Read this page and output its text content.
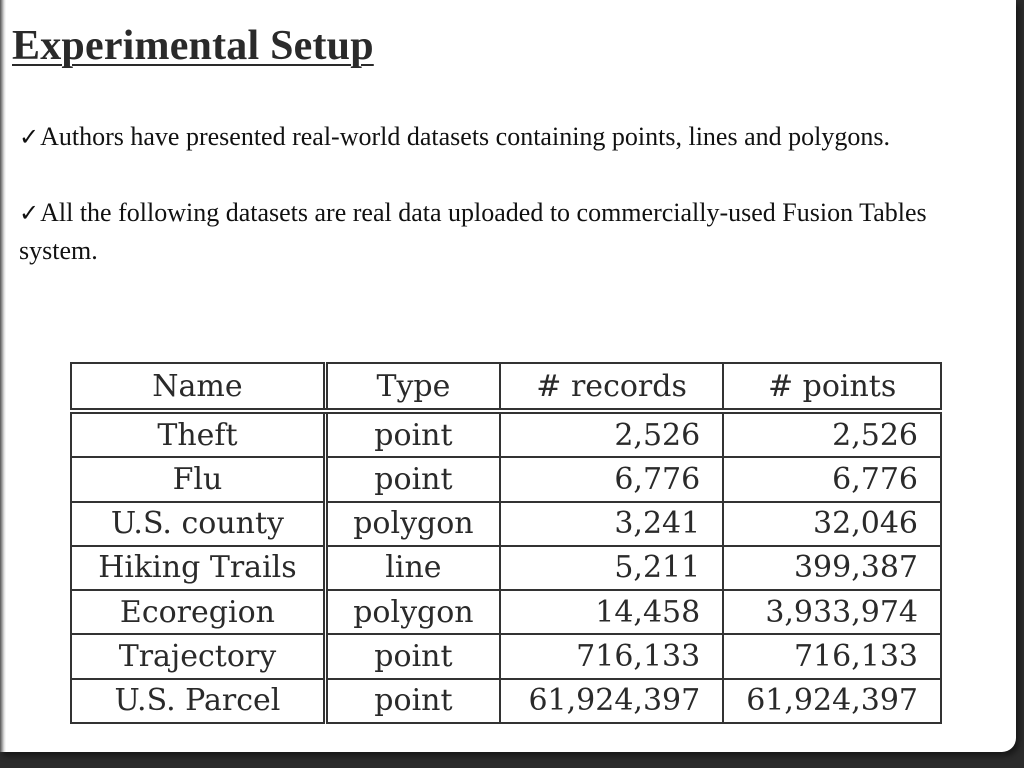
Experimental Setup

✓Authors have presented real-world datasets containing points, lines and polygons.

✓All the following datasets are real data uploaded to commercially-used Fusion Tables system.

Name	Type	# records	# points
Theft	point	2,526	2,526
Flu	point	6,776	6,776
U.S. county	polygon	3,241	32,046
Hiking Trails	line	5,211	399,387
Ecoregion	polygon	14,458	3,933,974
Trajectory	point	716,133	716,133
U.S. Parcel	point	61,924,397	61,924,397
